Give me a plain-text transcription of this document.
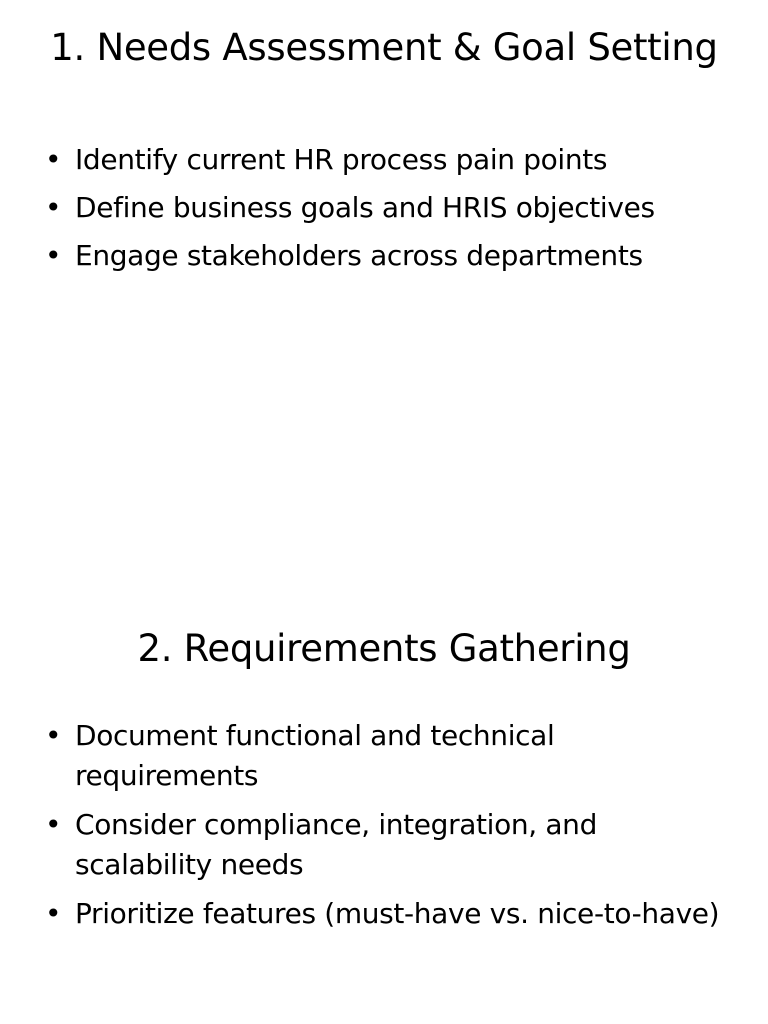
1. Needs Assessment & Goal Setting
• Identify current HR process pain points
• Define business goals and HRIS objectives
• Engage stakeholders across departments
2. Requirements Gathering
• Document functional and technical requirements
• Consider compliance, integration, and scalability needs
• Prioritize features (must-have vs. nice-to-have)
